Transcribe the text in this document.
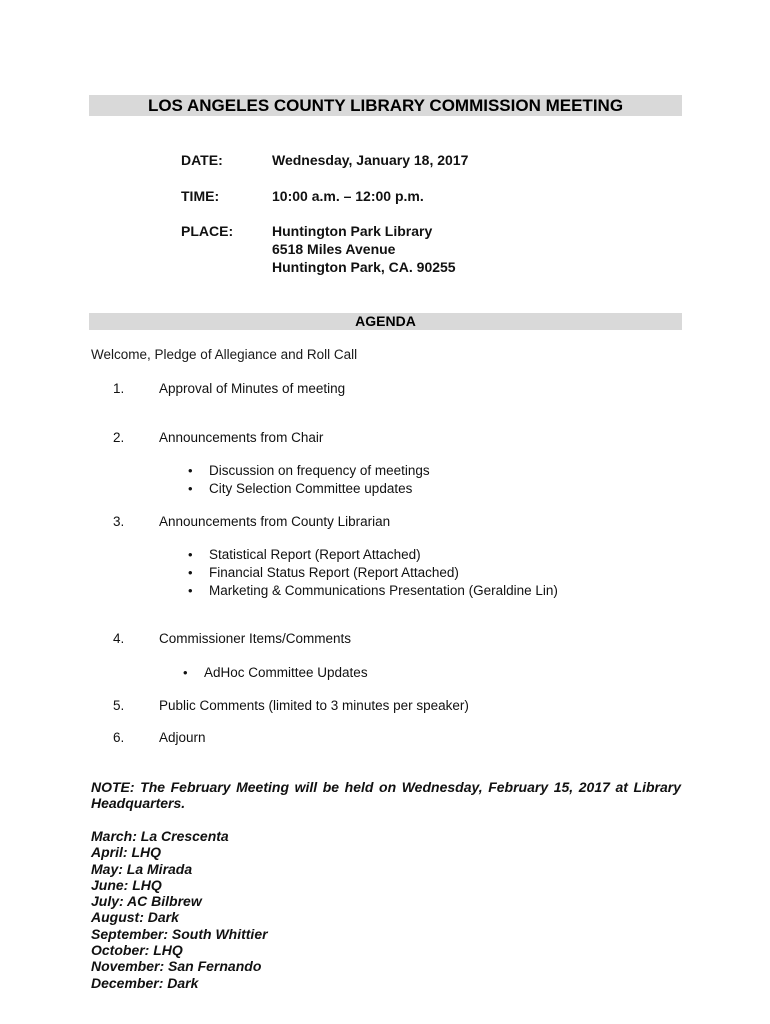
LOS ANGELES COUNTY LIBRARY COMMISSION MEETING
DATE:	Wednesday, January 18, 2017
TIME:	10:00 a.m. – 12:00 p.m.
PLACE:	Huntington Park Library
6518 Miles Avenue
Huntington Park, CA. 90255
AGENDA
Welcome, Pledge of Allegiance and Roll Call
1.	Approval of Minutes of meeting
2.	Announcements from Chair
• Discussion on frequency of meetings
• City Selection Committee updates
3.	Announcements from County Librarian
• Statistical Report (Report Attached)
• Financial Status Report (Report Attached)
• Marketing & Communications Presentation (Geraldine Lin)
4.	Commissioner Items/Comments
• AdHoc Committee Updates
5.	Public Comments (limited to 3 minutes per speaker)
6.	Adjourn
NOTE: The February Meeting will be held on Wednesday, February 15, 2017 at Library Headquarters.
March: La Crescenta
April: LHQ
May: La Mirada
June: LHQ
July: AC Bilbrew
August: Dark
September: South Whittier
October: LHQ
November: San Fernando
December: Dark
